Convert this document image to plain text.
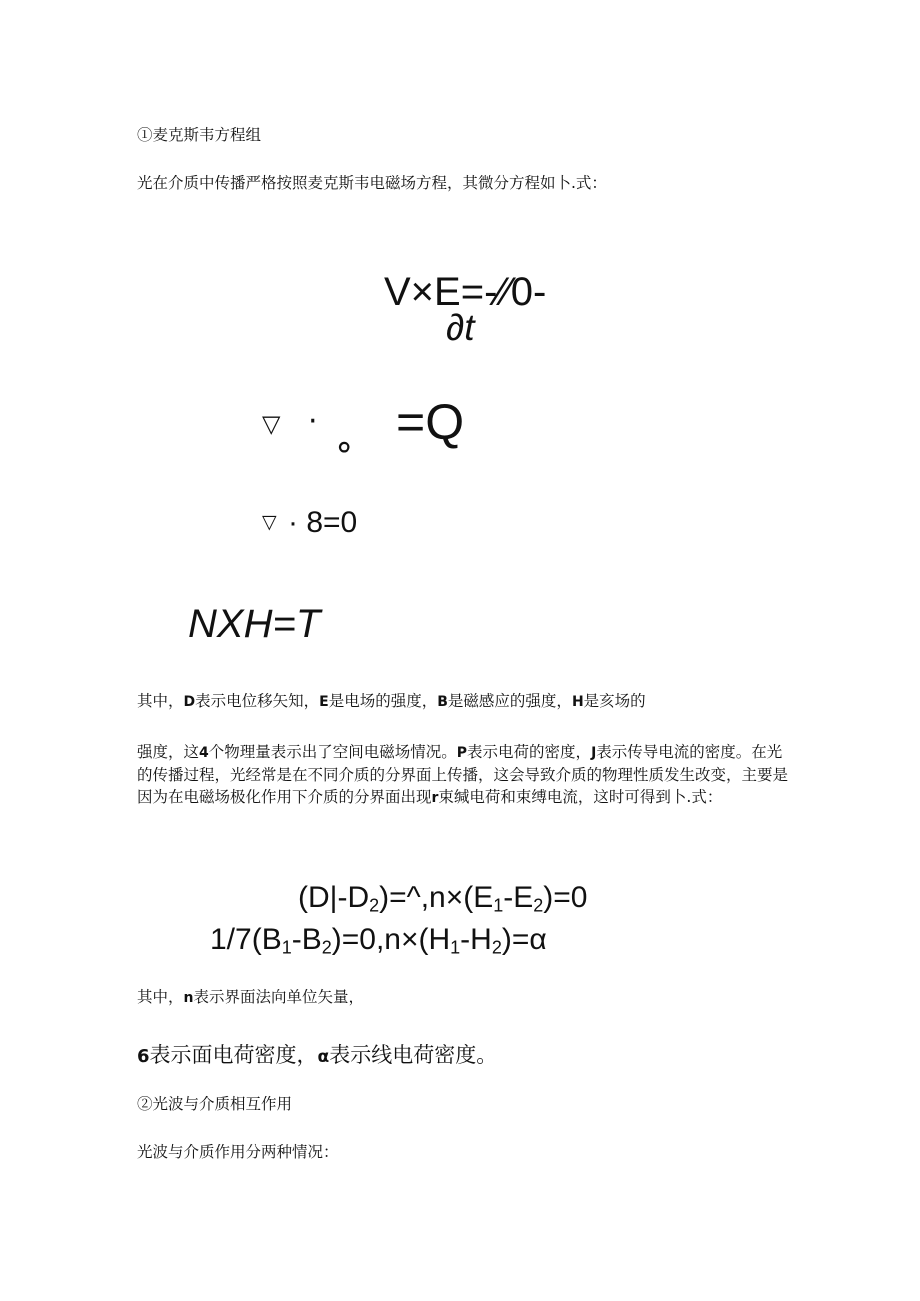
①麦克斯韦方程组
光在介质中传播严格按照麦克斯韦电磁场方程，其微分方程如卜.式：
V×E=-∕∕0-
∂t
▽ · 。 =Q
▽ · 8=0
NXH=T
其中，D表示电位移矢知，E是电场的强度，B是磁感应的强度，H是亥场的
强度，这4个物理量表示出了空间电磁场情况。P表示电荷的密度，J表示传导电流的密度。在光的传播过程，光经常是在不同介质的分界面上传播，这会导致介质的物理性质发生改变，主要是因为在电磁场极化作用下介质的分界面出现r束缄电荷和束缚电流，这时可得到卜.式：
$(D|-D_2)=\^{},n\times(E_1-E_2)=0$
$1/7(B_1-B_2)=0,n\times(H_1-H_2)=\alpha$
其中，n表示界面法向单位矢量，
6表示面电荷密度，α表示线电荷密度。
②光波与介质相互作用
光波与介质作用分两种情况：
